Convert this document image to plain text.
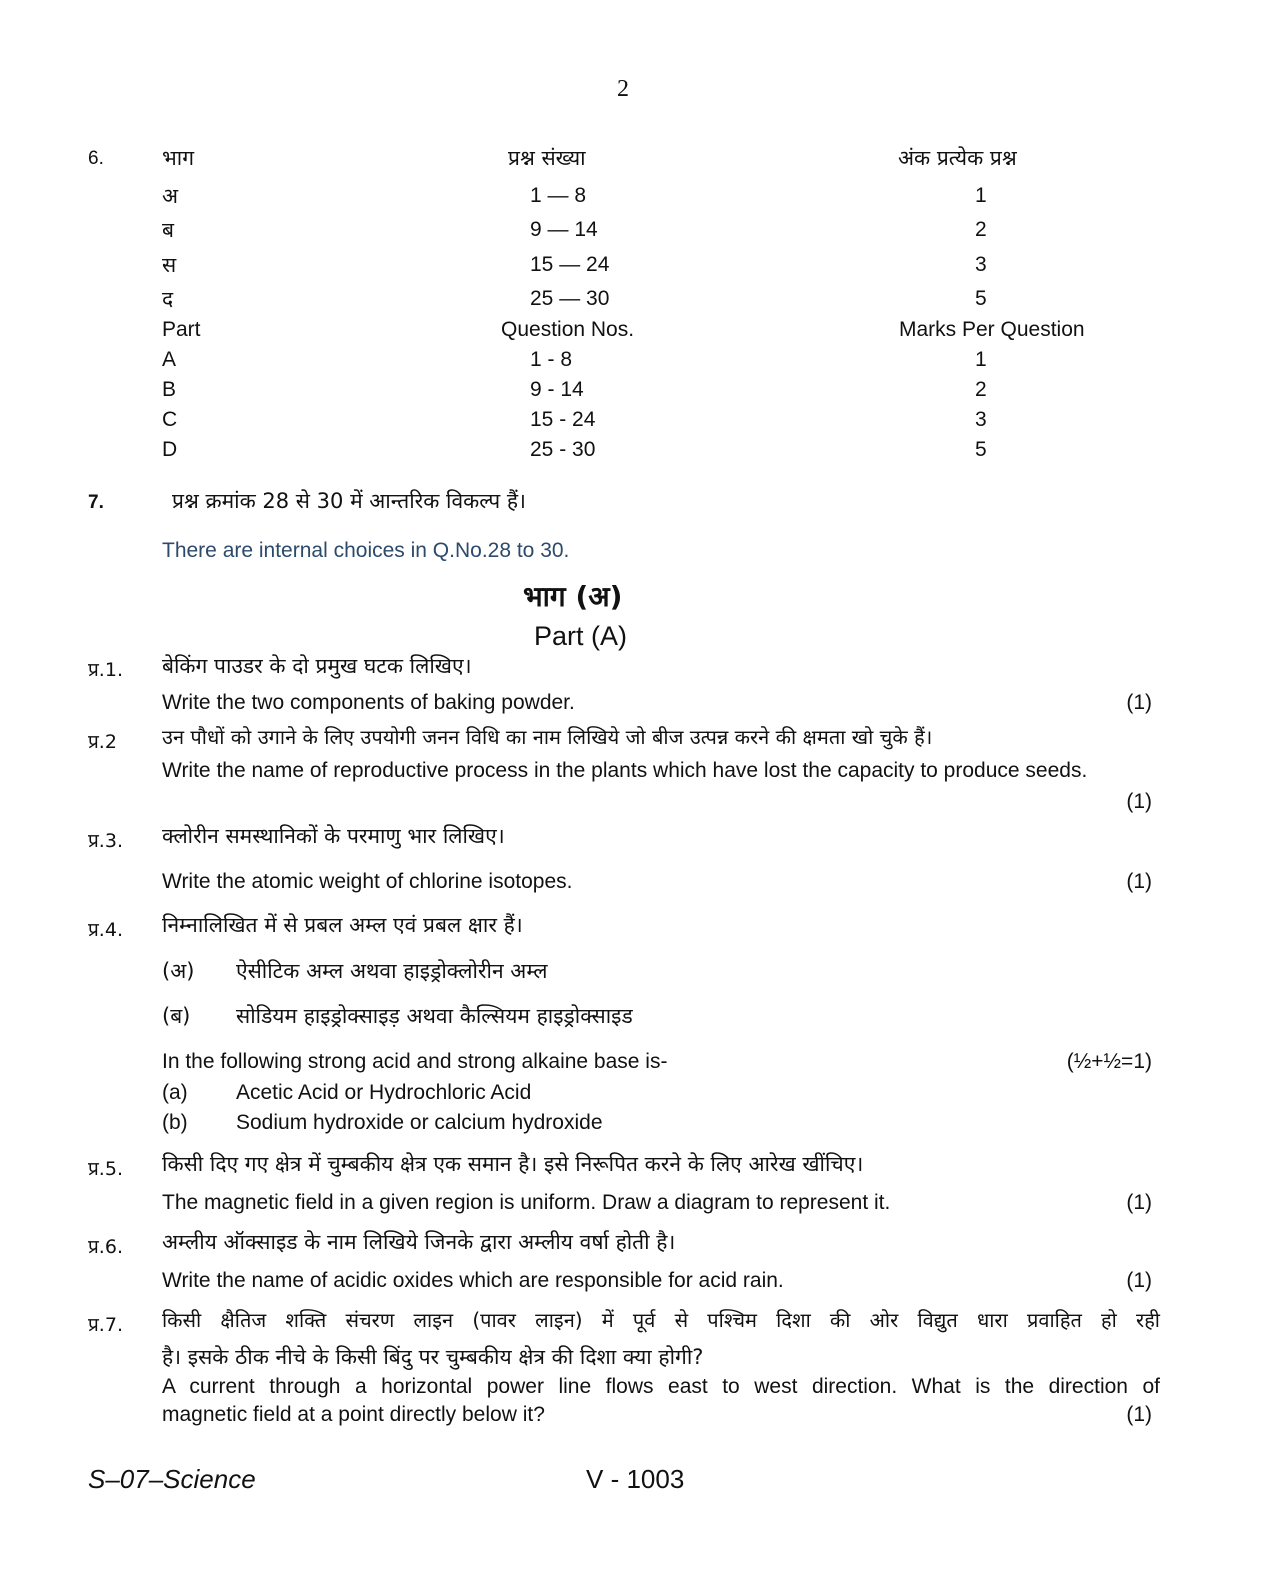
2
6.	भाग	प्रश्न संख्या	अंक प्रत्येक प्रश्न
अ	1 — 8	1
ब	9 — 14	2
स	15 — 24	3
द	25 — 30	5
Part	Question Nos.	Marks Per Question
A	1 - 8	1
B	9 - 14	2
C	15 - 24	3
D	25 - 30	5
7.	प्रश्न क्रमांक 28 से 30 में आन्तरिक विकल्प हैं।
There are internal choices in Q.No.28 to 30.
भाग (अ)
Part (A)
प्र.1. बेकिंग पाउडर के दो प्रमुख घटक लिखिए।
Write the two components of baking powder.	(1)
प्र.2 उन पौधों को उगाने के लिए उपयोगी जनन विधि का नाम लिखिये जो बीज उत्पन्न करने की क्षमता खो चुके हैं।
Write the name of reproductive process in the plants which have lost the capacity to produce seeds.
(1)
प्र.3. क्लोरीन समस्थानिकों के परमाणु भार लिखिए।
Write the atomic weight of chlorine isotopes.	(1)
प्र.4. निम्नालिखित में से प्रबल अम्ल एवं प्रबल क्षार हैं।
(अ) ऐसीटिक अम्ल अथवा हाइड्रोक्लोरीन अम्ल
(ब) सोडियम हाइड्रोक्साइड़ अथवा कैल्सियम हाइड्रोक्साइड
In the following strong acid and strong alkaine base is-	(½+½=1)
(a) Acetic Acid or Hydrochloric Acid
(b) Sodium hydroxide or calcium hydroxide
प्र.5. किसी दिए गए क्षेत्र में चुम्बकीय क्षेत्र एक समान है। इसे निरूपित करने के लिए आरेख खींचिए।
The magnetic field in a given region is uniform. Draw a diagram to represent it.	(1)
प्र.6. अम्लीय ऑक्साइड के नाम लिखिये जिनके द्वारा अम्लीय वर्षा होती है।
Write the name of acidic oxides which are responsible for acid rain.	(1)
प्र.7. किसी क्षैतिज शक्ति संचरण लाइन (पावर लाइन) में पूर्व से पश्चिम दिशा की ओर विद्युत धारा प्रवाहित हो रही
है। इसके ठीक नीचे के किसी बिंदु पर चुम्बकीय क्षेत्र की दिशा क्या होगी?
A current through a horizontal power line flows east to west direction. What is the direction of
magnetic field at a point directly below it?	(1)
S–07–Science	V - 1003
